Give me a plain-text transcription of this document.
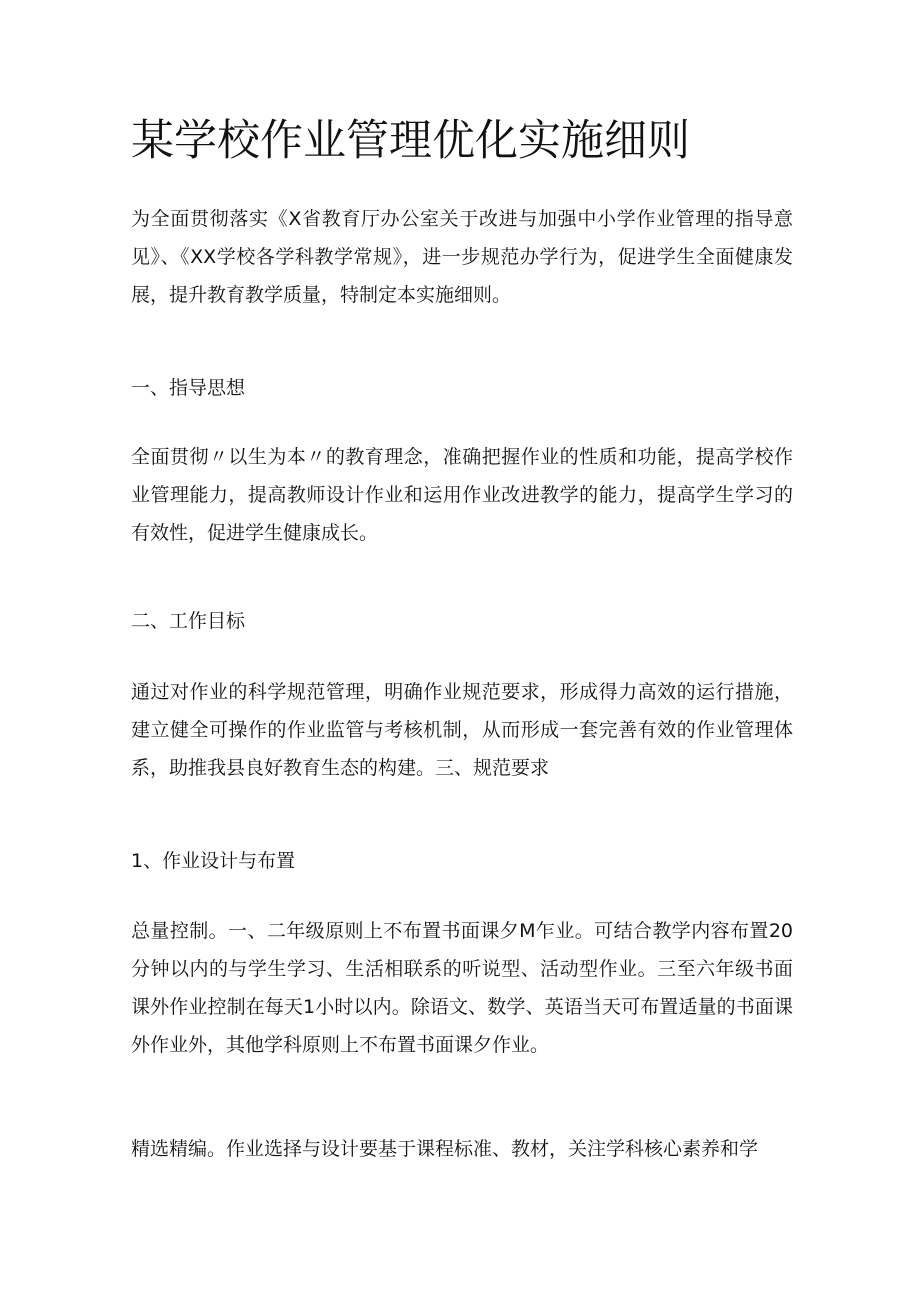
某学校作业管理优化实施细则

为全面贯彻落实《X省教育厅办公室关于改进与加强中小学作业管理的指导意见》、《XX学校各学科教学常规》，进一步规范办学行为，促进学生全面健康发展，提升教育教学质量，特制定本实施细则。

一、指导思想

全面贯彻〃以生为本〃的教育理念，准确把握作业的性质和功能，提高学校作业管理能力，提高教师设计作业和运用作业改进教学的能力，提高学生学习的有效性，促进学生健康成长。

二、工作目标

通过对作业的科学规范管理，明确作业规范要求，形成得力高效的运行措施，建立健全可操作的作业监管与考核机制，从而形成一套完善有效的作业管理体系，助推我县良好教育生态的构建。三、规范要求

1、作业设计与布置

总量控制。一、二年级原则上不布置书面课夕M乍业。可结合教学内容布置20分钟以内的与学生学习、生活相联系的听说型、活动型作业。三至六年级书面课外作业控制在每天1小时以内。除语文、数学、英语当天可布置适量的书面课外作业外，其他学科原则上不布置书面课夕作业。

精选精编。作业选择与设计要基于课程标准、教材，关注学科核心素养和学
